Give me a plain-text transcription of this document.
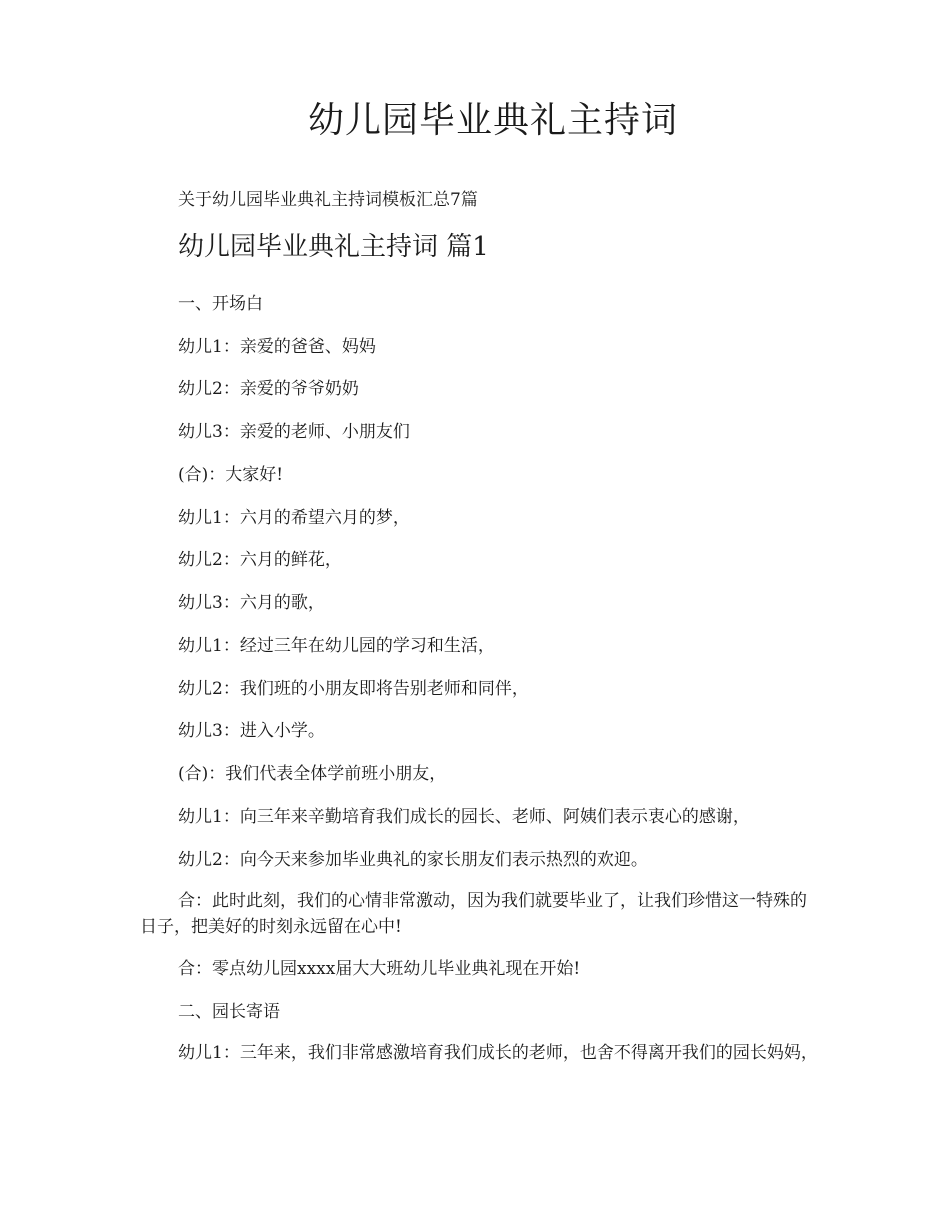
幼儿园毕业典礼主持词

关于幼儿园毕业典礼主持词模板汇总7篇

幼儿园毕业典礼主持词 篇1

一、开场白

幼儿1：亲爱的爸爸、妈妈

幼儿2：亲爱的爷爷奶奶

幼儿3：亲爱的老师、小朋友们

(合)：大家好!

幼儿1：六月的希望六月的梦，

幼儿2：六月的鲜花，

幼儿3：六月的歌，

幼儿1：经过三年在幼儿园的学习和生活，

幼儿2：我们班的小朋友即将告别老师和同伴，

幼儿3：进入小学。

(合)：我们代表全体学前班小朋友，

幼儿1：向三年来辛勤培育我们成长的园长、老师、阿姨们表示衷心的感谢，

幼儿2：向今天来参加毕业典礼的家长朋友们表示热烈的欢迎。

合：此时此刻，我们的心情非常激动，因为我们就要毕业了，让我们珍惜这一特殊的日子，把美好的时刻永远留在心中!

合：零点幼儿园xxxx届大大班幼儿毕业典礼现在开始!

二、园长寄语

幼儿1：三年来，我们非常感激培育我们成长的老师，也舍不得离开我们的园长妈妈，
